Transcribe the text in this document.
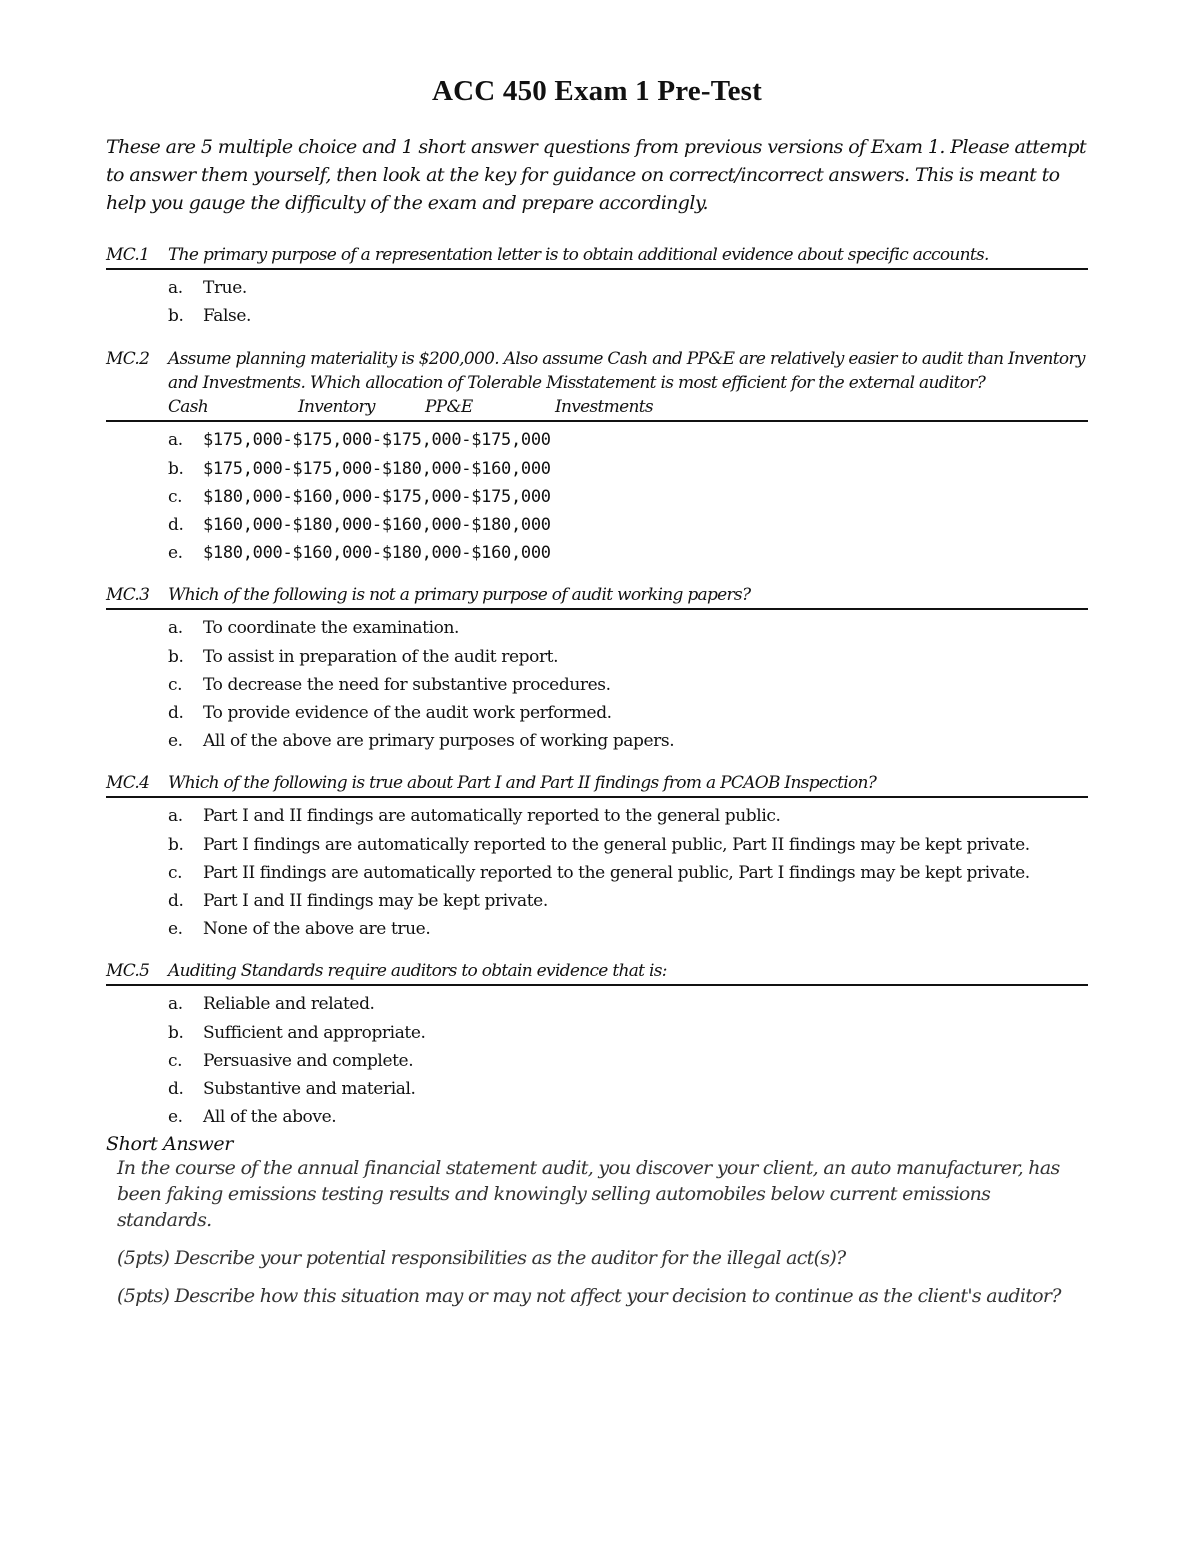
ACC 450 Exam 1 Pre-Test
These are 5 multiple choice and 1 short answer questions from previous versions of Exam 1. Please attempt to answer them yourself, then look at the key for guidance on correct/incorrect answers. This is meant to help you gauge the difficulty of the exam and prepare accordingly.
MC.1	The primary purpose of a representation letter is to obtain additional evidence about specific accounts.
a.	True.
b.	False.
MC.2	Assume planning materiality is $200,000. Also assume Cash and PP&E are relatively easier to audit than Inventory and Investments. Which allocation of Tolerable Misstatement is most efficient for the external auditor?
Cash	Inventory	PP&E	Investments
a.	$175,000-$175,000-$175,000-$175,000
b.	$175,000-$175,000-$180,000-$160,000
c.	$180,000-$160,000-$175,000-$175,000
d.	$160,000-$180,000-$160,000-$180,000
e.	$180,000-$160,000-$180,000-$160,000
MC.3	Which of the following is not a primary purpose of audit working papers?
a.	To coordinate the examination.
b.	To assist in preparation of the audit report.
c.	To decrease the need for substantive procedures.
d.	To provide evidence of the audit work performed.
e.	All of the above are primary purposes of working papers.
MC.4	Which of the following is true about Part I and Part II findings from a PCAOB Inspection?
a.	Part I and II findings are automatically reported to the general public.
b.	Part I findings are automatically reported to the general public, Part II findings may be kept private.
c.	Part II findings are automatically reported to the general public, Part I findings may be kept private.
d.	Part I and II findings may be kept private.
e.	None of the above are true.
MC.5	Auditing Standards require auditors to obtain evidence that is:
a.	Reliable and related.
b.	Sufficient and appropriate.
c.	Persuasive and complete.
d.	Substantive and material.
e.	All of the above.
Short Answer

In the course of the annual financial statement audit, you discover your client, an auto manufacturer, has been faking emissions testing results and knowingly selling automobiles below current emissions standards.

(5pts) Describe your potential responsibilities as the auditor for the illegal act(s)?

(5pts) Describe how this situation may or may not affect your decision to continue as the client's auditor?
